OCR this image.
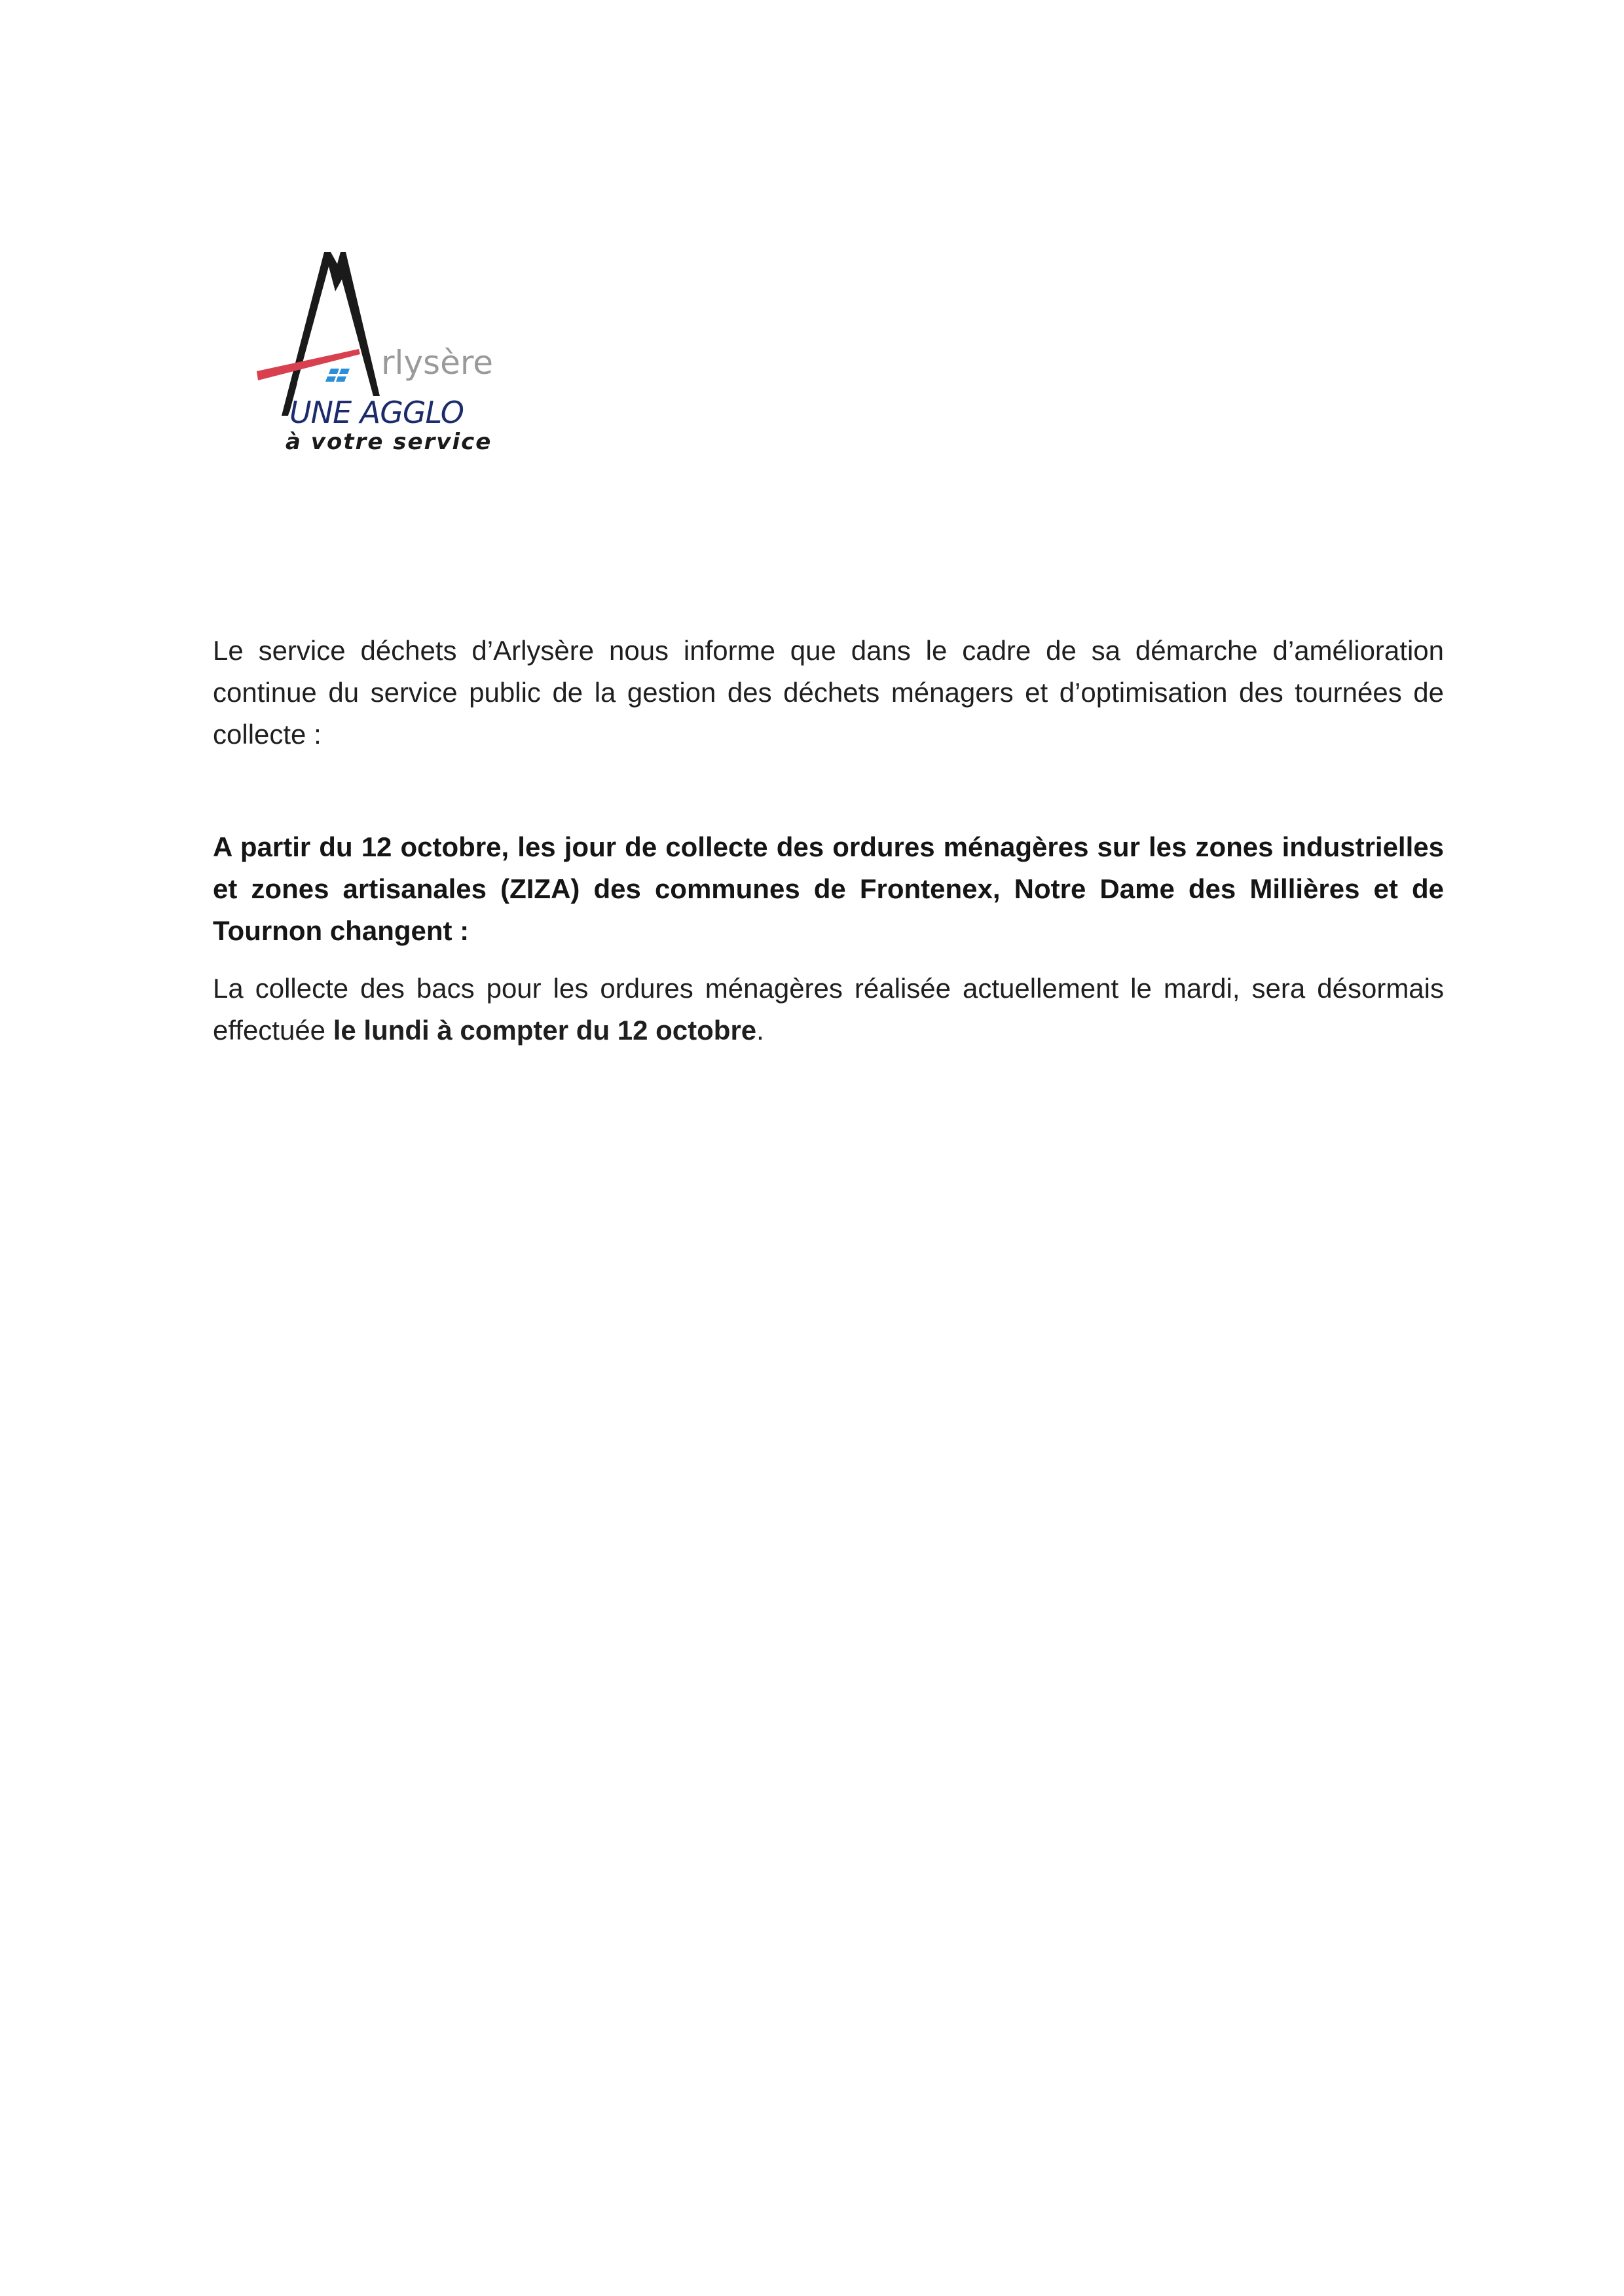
rlysère
UNE AGGLO
à votre service

Le service déchets d’Arlysère nous informe que dans le cadre de sa démarche d’amélioration continue du service public de la gestion des déchets ménagers et d’optimisation des tournées de collecte :

A partir du 12 octobre, les jour de collecte des ordures ménagères sur les zones industrielles et zones artisanales (ZIZA) des communes de Frontenex, Notre Dame des Millières et de Tournon changent :

La collecte des bacs pour les ordures ménagères réalisée actuellement le mardi, sera désormais effectuée le lundi à compter du 12 octobre.
